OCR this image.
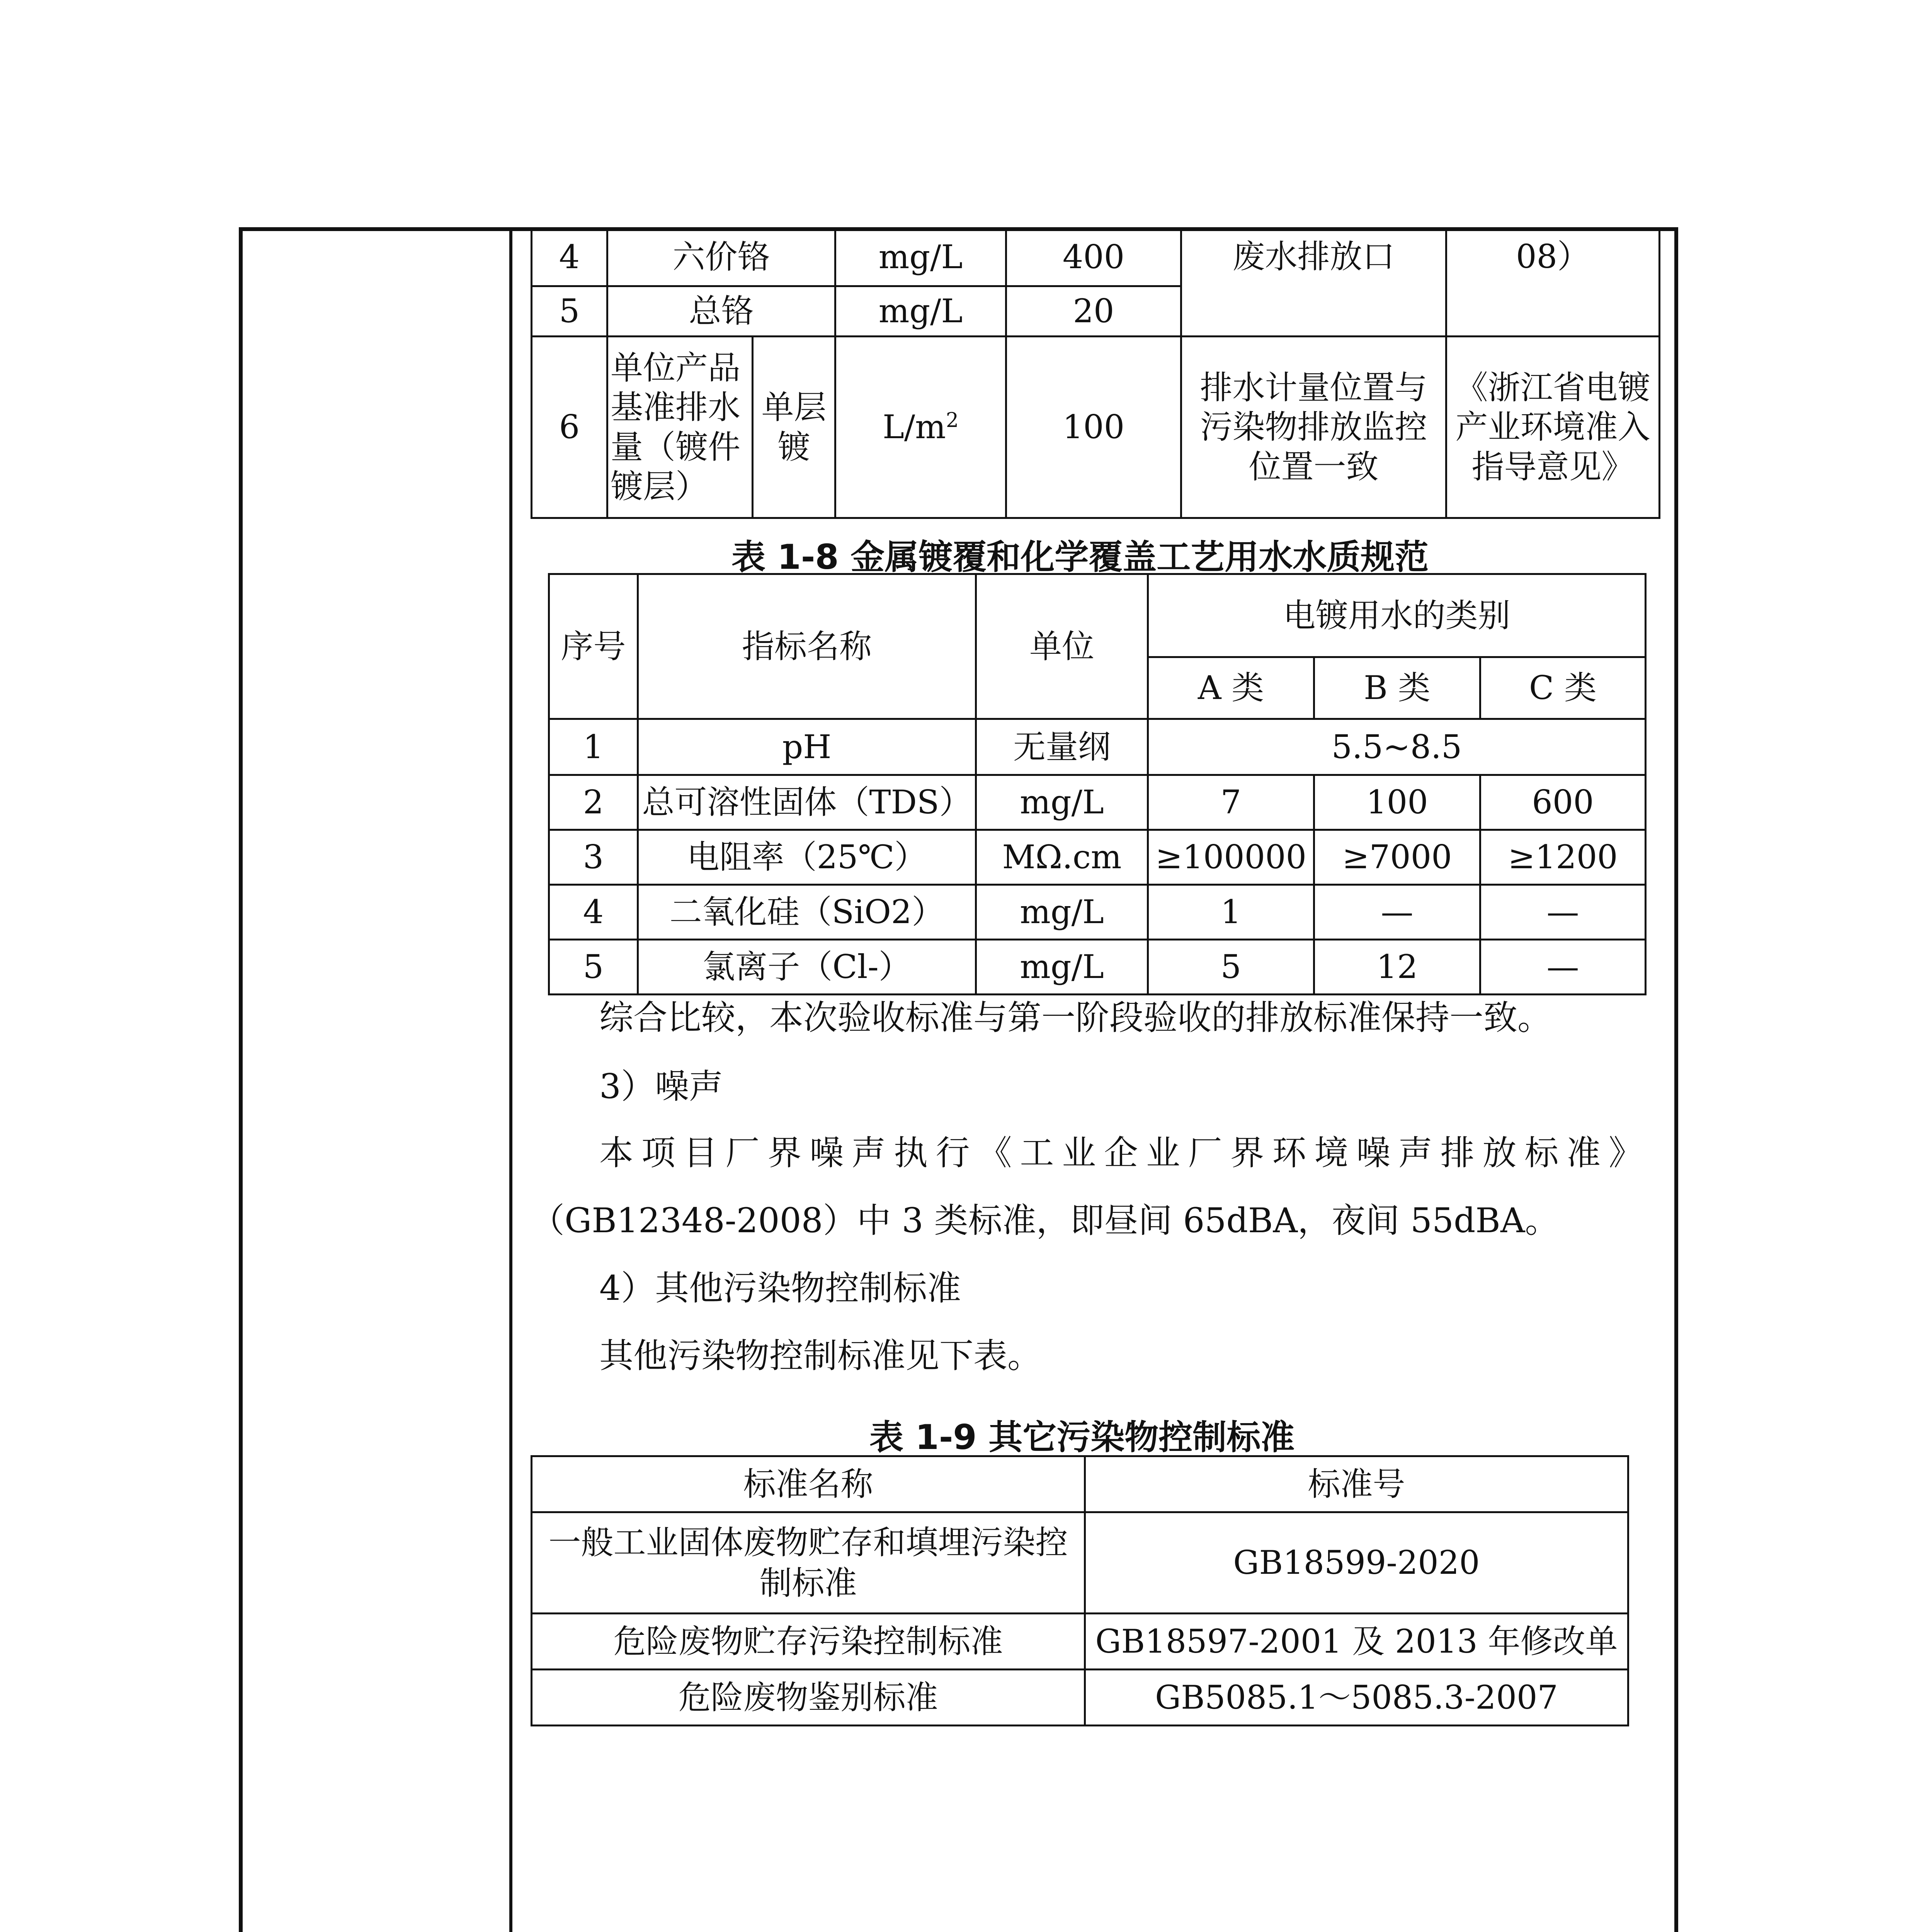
4	六价铬		mg/L	400	废水排放口	08）
5	总铬		mg/L	20		
6	单位产品基准排水量（镀件镀层）	单层镀	$L/m^2$	100	排水计量位置与污染物排放监控位置一致	《浙江省电镀产业环境准入指导意见》
表 1-8 金属镀覆和化学覆盖工艺用水水质规范
序号	指标名称	单位	电镀用水的类别		
			A 类	B 类	C 类
1	pH	无量纲	5.5~8.5		
2	总可溶性固体（TDS）	mg/L	7	100	600
3	电阻率（25℃）	MΩ.cm	≥100000	≥7000	≥1200
4	二氧化硅（SiO2）	mg/L	1	—	—
5	氯离子（Cl-）	mg/L	5	12	—
综合比较，本次验收标准与第一阶段验收的排放标准保持一致。
3）噪声
本项目厂界噪声执行《工业企业厂界环境噪声排放标准》
（GB12348-2008）中 3 类标准，即昼间 65dBA，夜间 55dBA。
4）其他污染物控制标准
其他污染物控制标准见下表。
表 1-9 其它污染物控制标准
标准名称	标准号
一般工业固体废物贮存和填埋污染控制标准	GB18599-2020
危险废物贮存污染控制标准	GB18597-2001 及 2013 年修改单
危险废物鉴别标准	GB5085.1～5085.3-2007
